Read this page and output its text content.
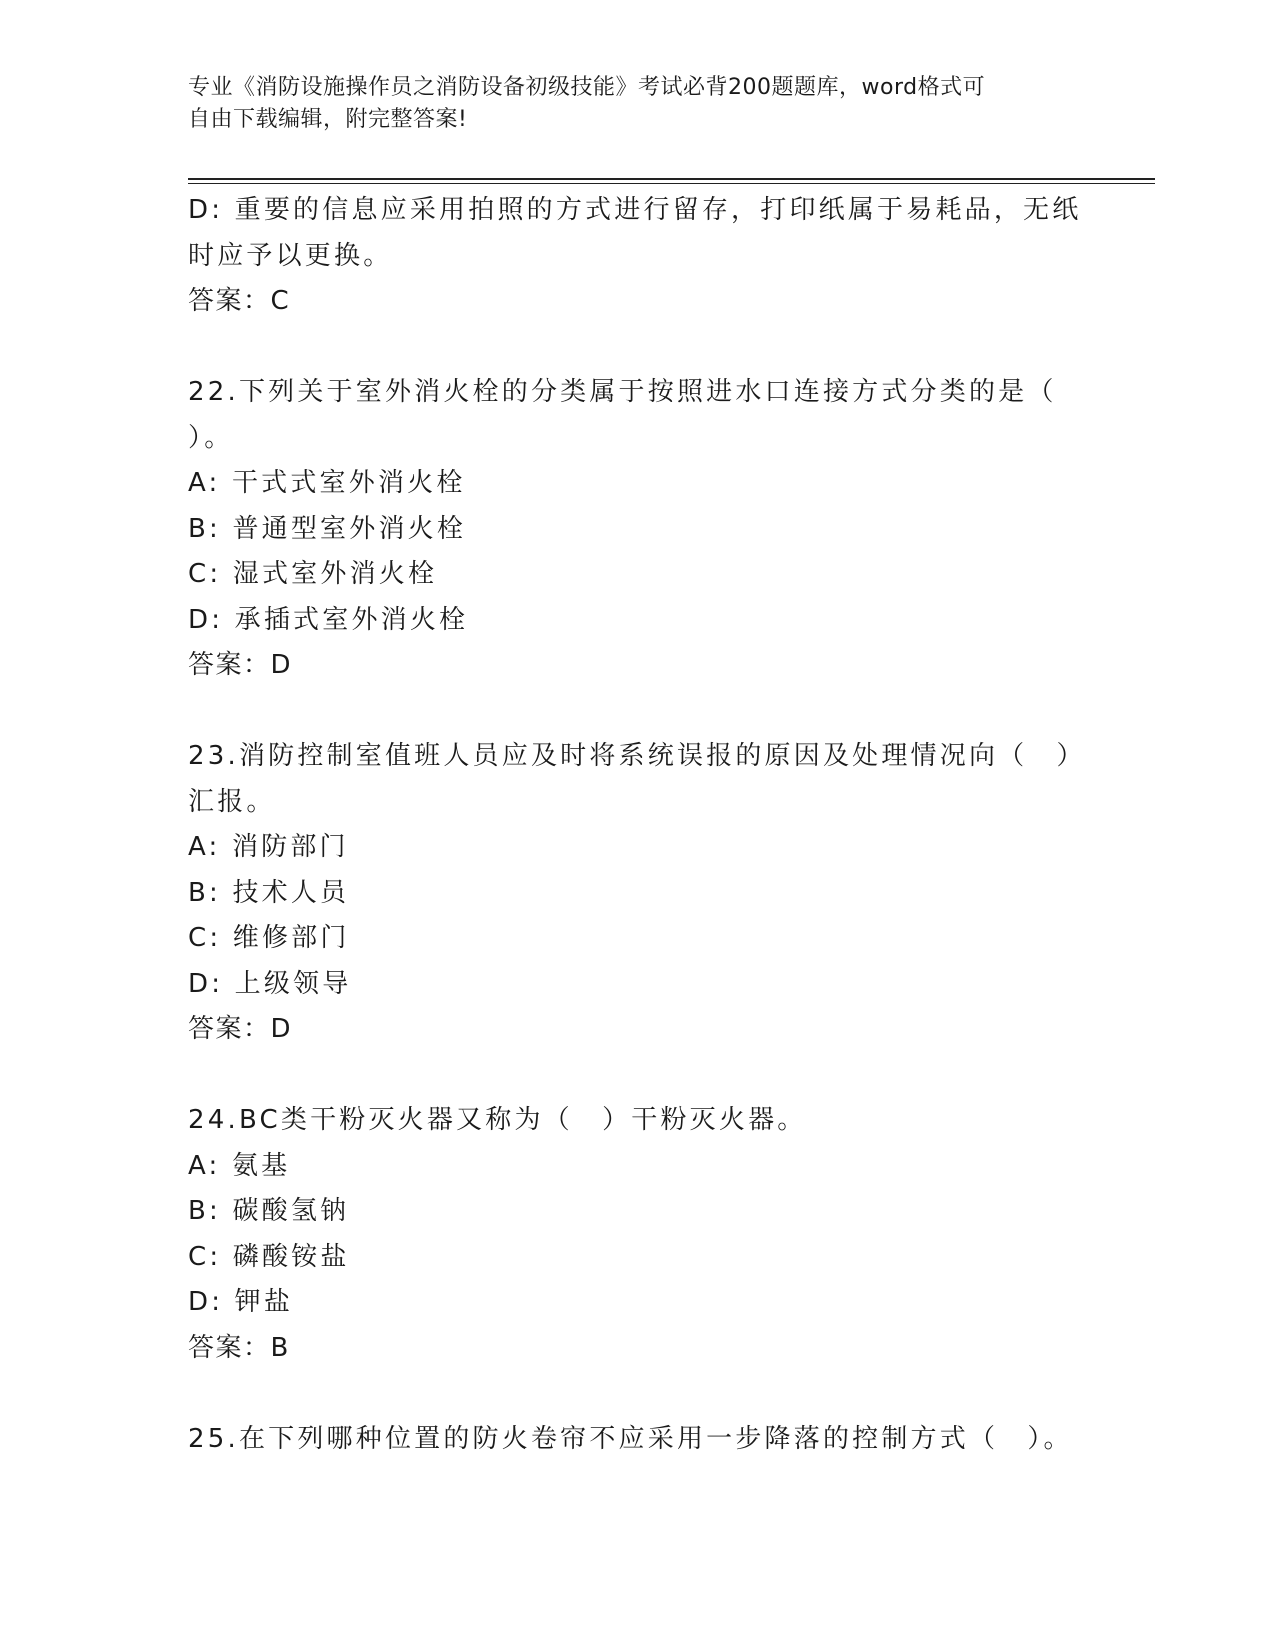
专业《消防设施操作员之消防设备初级技能》考试必背200题题库，word格式可
自由下载编辑，附完整答案!
D: 重要的信息应采用拍照的方式进行留存，打印纸属于易耗品，无纸
时应予以更换。
答案：C
22.下列关于室外消火栓的分类属于按照进水口连接方式分类的是（
）。
A: 干式式室外消火栓
B: 普通型室外消火栓
C: 湿式室外消火栓
D: 承插式室外消火栓
答案：D
23.消防控制室值班人员应及时将系统误报的原因及处理情况向（　）
汇报。
A: 消防部门
B: 技术人员
C: 维修部门
D: 上级领导
答案：D
24.BC类干粉灭火器又称为（　）干粉灭火器。
A: 氨基
B: 碳酸氢钠
C: 磷酸铵盐
D: 钾盐
答案：B
25.在下列哪种位置的防火卷帘不应采用一步降落的控制方式（　）。
